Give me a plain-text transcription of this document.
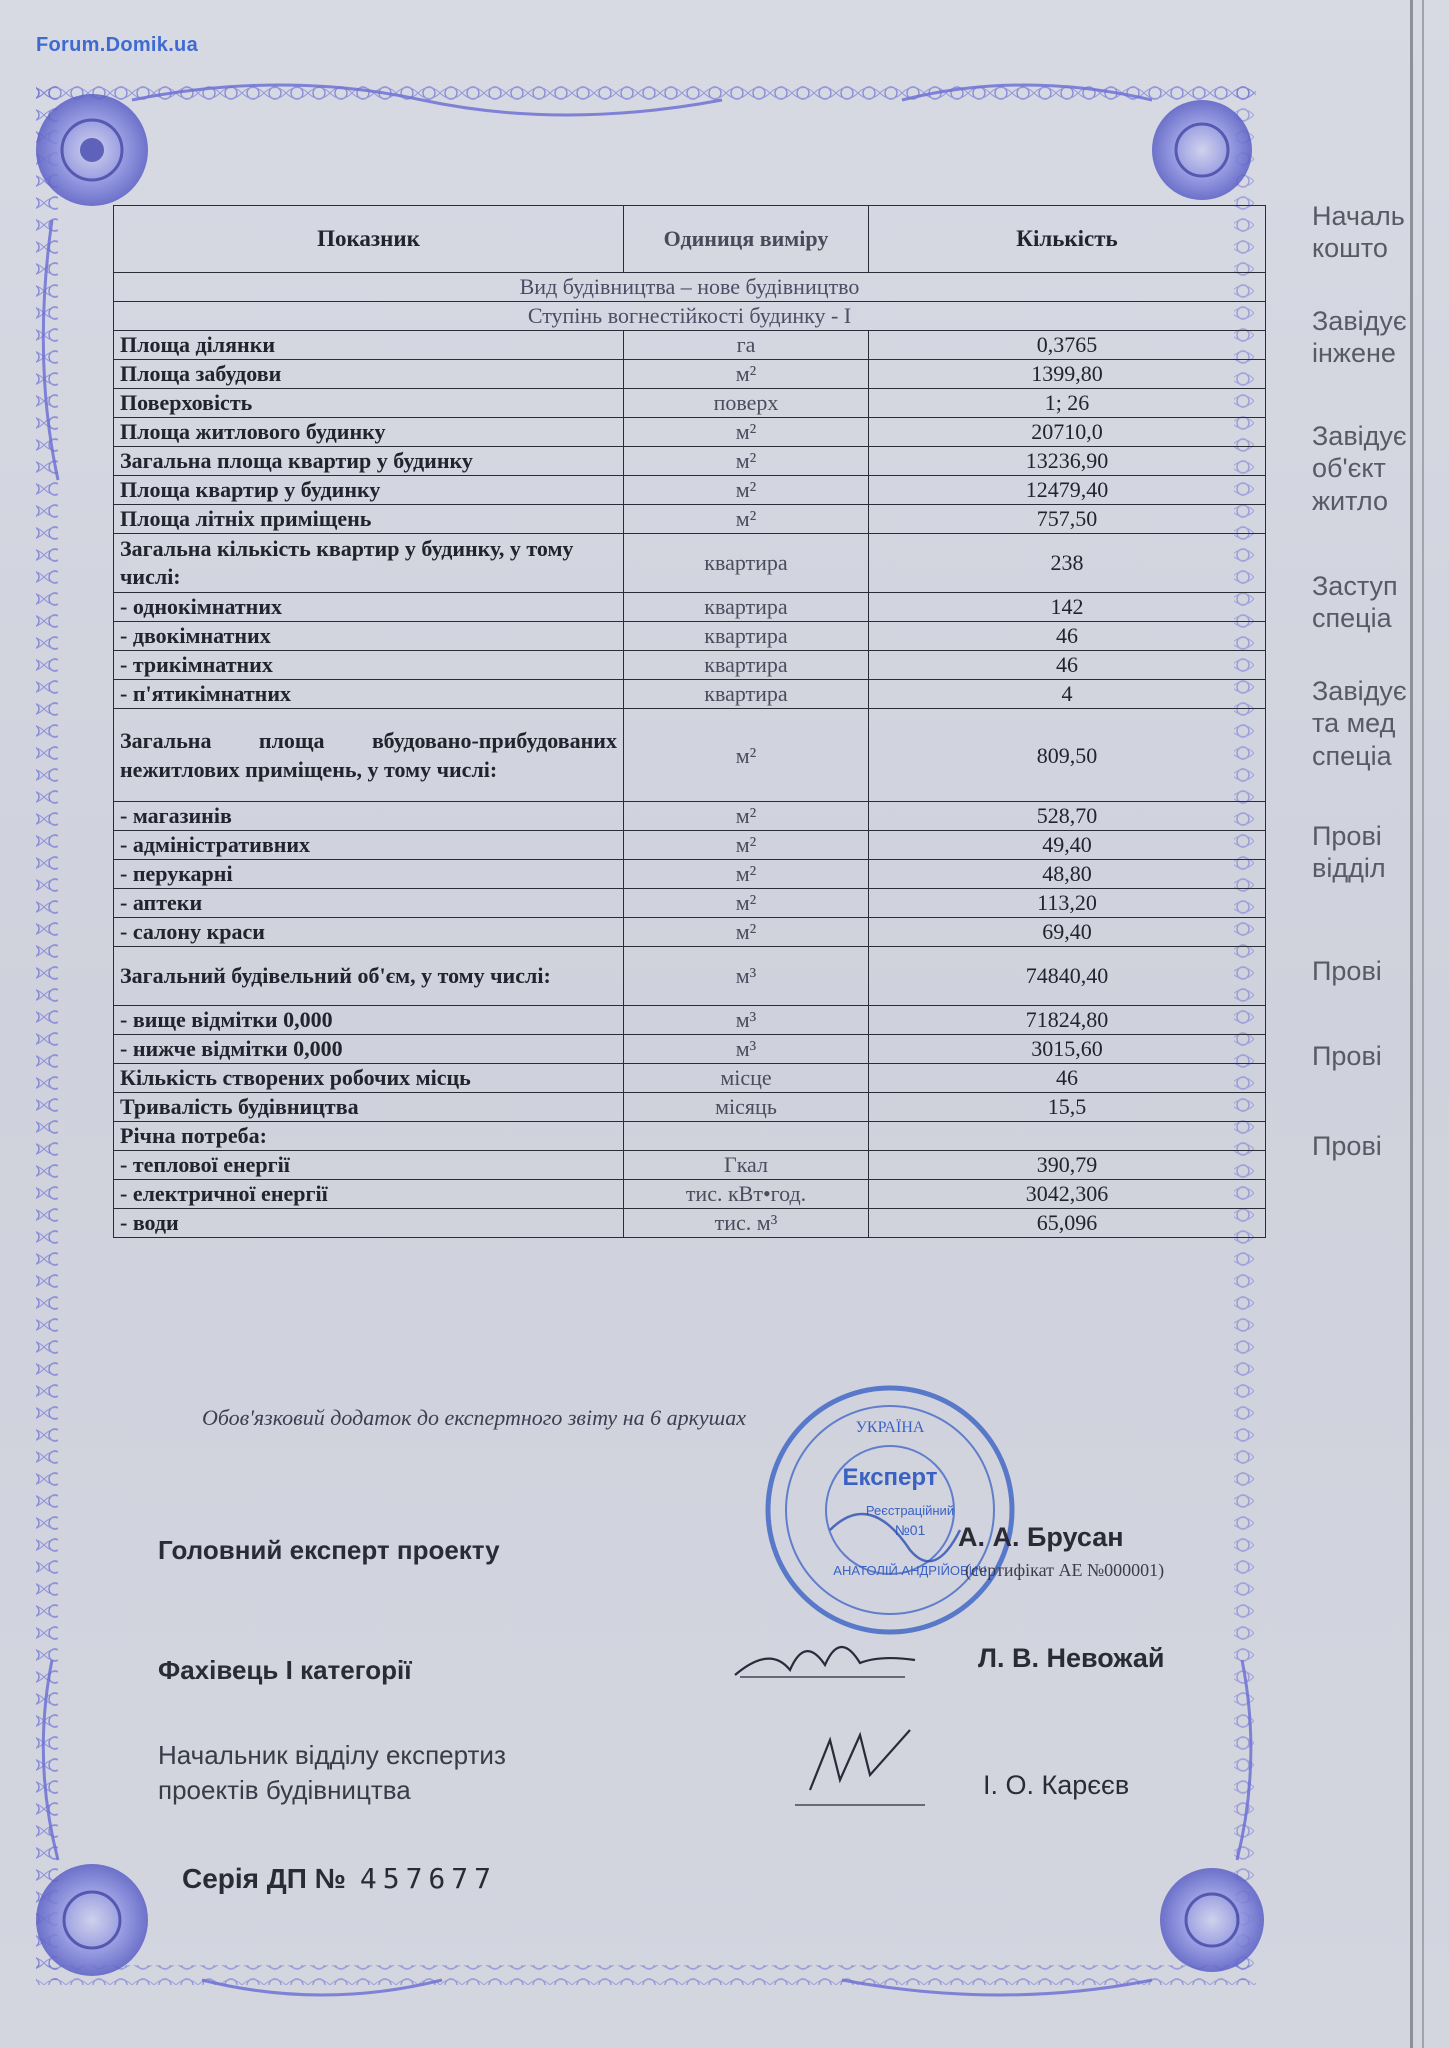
Forum.Domik.ua
Началь
кошто
Завідує
інжене
Завідує
об'єкт
житло
Заступ
спеціа
Завідує
та мед
спеціа
Прові
відділ
Прові
Прові
Прові
Показник	Одиниця виміру	Кількість
Вид будівництва – нове будівництво		
Ступінь вогнестійкості будинку - I		
Площа ділянки	га	0,3765
Площа забудови	м²	1399,80
Поверховість	поверх	1; 26
Площа житлового будинку	м²	20710,0
Загальна площа квартир у будинку	м²	13236,90
Площа квартир у будинку	м²	12479,40
Площа літніх приміщень	м²	757,50
Загальна кількість квартир у будинку, у тому числі:	квартира	238
- однокімнатних	квартира	142
- двокімнатних	квартира	46
- трикімнатних	квартира	46
- п'ятикімнатних	квартира	4
Загальна площа вбудовано-прибудованих нежитлових приміщень, у тому числі:	м²	809,50
- магазинів	м²	528,70
- адміністративних	м²	49,40
- перукарні	м²	48,80
- аптеки	м²	113,20
- салону краси	м²	69,40
Загальний будівельний об'єм, у тому числі:	м³	74840,40
- вище відмітки 0,000	м³	71824,80
- нижче відмітки 0,000	м³	3015,60
Кількість створених робочих місць	місце	46
Тривалість будівництва	місяць	15,5
Річна потреба:		
- теплової енергії	Гкал	390,79
- електричної енергії	тис. кВт•год.	3042,306
- води	тис. м³	65,096
Обов'язковий додаток до експертного звіту на 6 аркушах	УКРАЇНА
Експерт
Реєстраційний
№01
АНАТОЛІЙ АНДРІЙОВИЧ
Головний експерт проекту	А. А. Брусан
(сертифікат АЕ №000001)
Фахівець I категорії	Л. В. Невожай
Начальник відділу експертиз
проектів будівництва	І. О. Карєєв
Серія ДП № 457677
